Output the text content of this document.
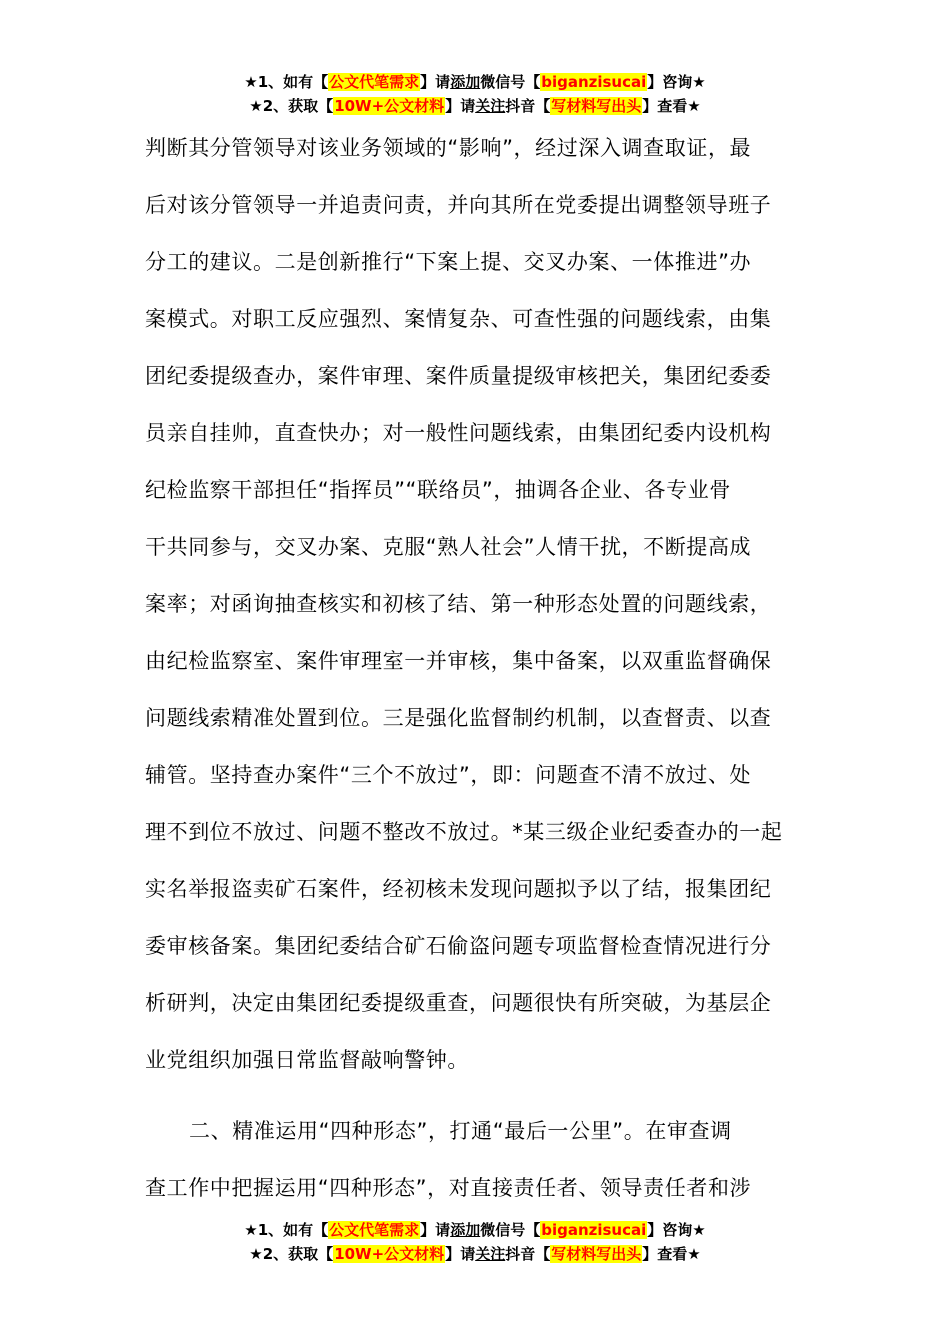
★1、如有【公文代笔需求】请添加微信号【biganzisucai】咨询★
★2、获取【10W+公文材料】请关注抖音【写材料写出头】查看★
判断其分管领导对该业务领域的“影响”，经过深入调查取证，最
后对该分管领导一并追责问责，并向其所在党委提出调整领导班子
分工的建议。二是创新推行“下案上提、交叉办案、一体推进”办
案模式。对职工反应强烈、案情复杂、可查性强的问题线索，由集
团纪委提级查办，案件审理、案件质量提级审核把关，集团纪委委
员亲自挂帅，直查快办；对一般性问题线索，由集团纪委内设机构
纪检监察干部担任“指挥员”“联络员”，抽调各企业、各专业骨
干共同参与，交叉办案、克服“熟人社会”人情干扰，不断提高成
案率；对函询抽查核实和初核了结、第一种形态处置的问题线索，
由纪检监察室、案件审理室一并审核，集中备案，以双重监督确保
问题线索精准处置到位。三是强化监督制约机制，以查督责、以查
辅管。坚持查办案件“三个不放过”，即：问题查不清不放过、处
理不到位不放过、问题不整改不放过。*某三级企业纪委查办的一起
实名举报盗卖矿石案件，经初核未发现问题拟予以了结，报集团纪
委审核备案。集团纪委结合矿石偷盗问题专项监督检查情况进行分
析研判，决定由集团纪委提级重查，问题很快有所突破，为基层企
业党组织加强日常监督敲响警钟。
二、精准运用“四种形态”，打通“最后一公里”。在审查调
查工作中把握运用“四种形态”，对直接责任者、领导责任者和涉
★1、如有【公文代笔需求】请添加微信号【biganzisucai】咨询★
★2、获取【10W+公文材料】请关注抖音【写材料写出头】查看★
